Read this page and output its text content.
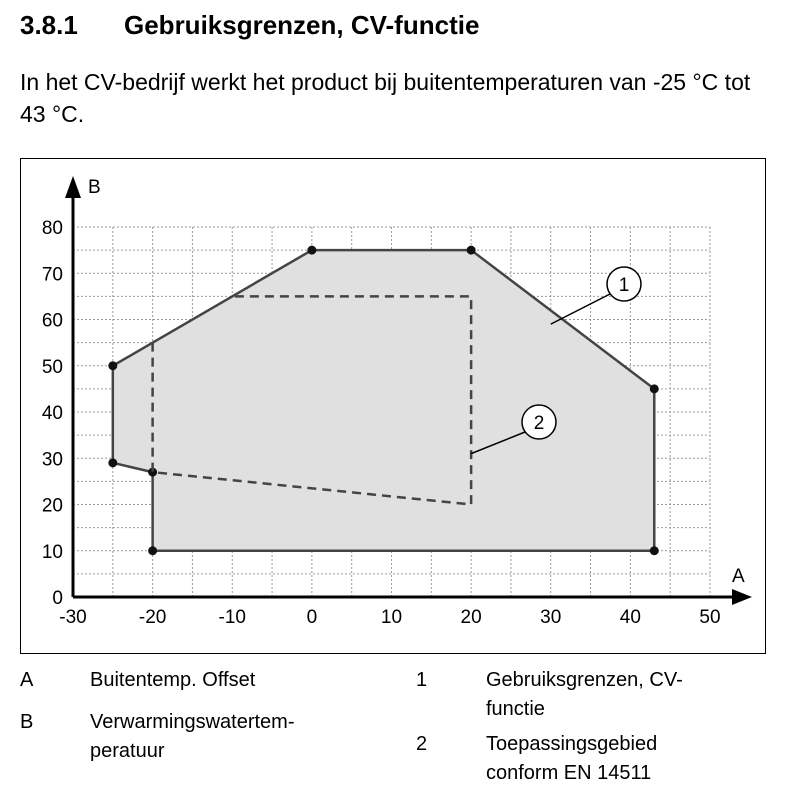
3.8.1 Gebruiksgrenzen, CV-functie
In het CV-bedrijf werkt het product bij buitentemperaturen van -25 °C tot 43 °C.
-30	-20	-10	0	10	20	30	40	50
0
10
20
30
40
50
60
70
80
A
B
1
2
A	Buitentemp. Offset
B	Verwarmingswatertem-
peratuur
1	Gebruiksgrenzen, CV-
functie
2	Toepassingsgebied
conform EN 14511
